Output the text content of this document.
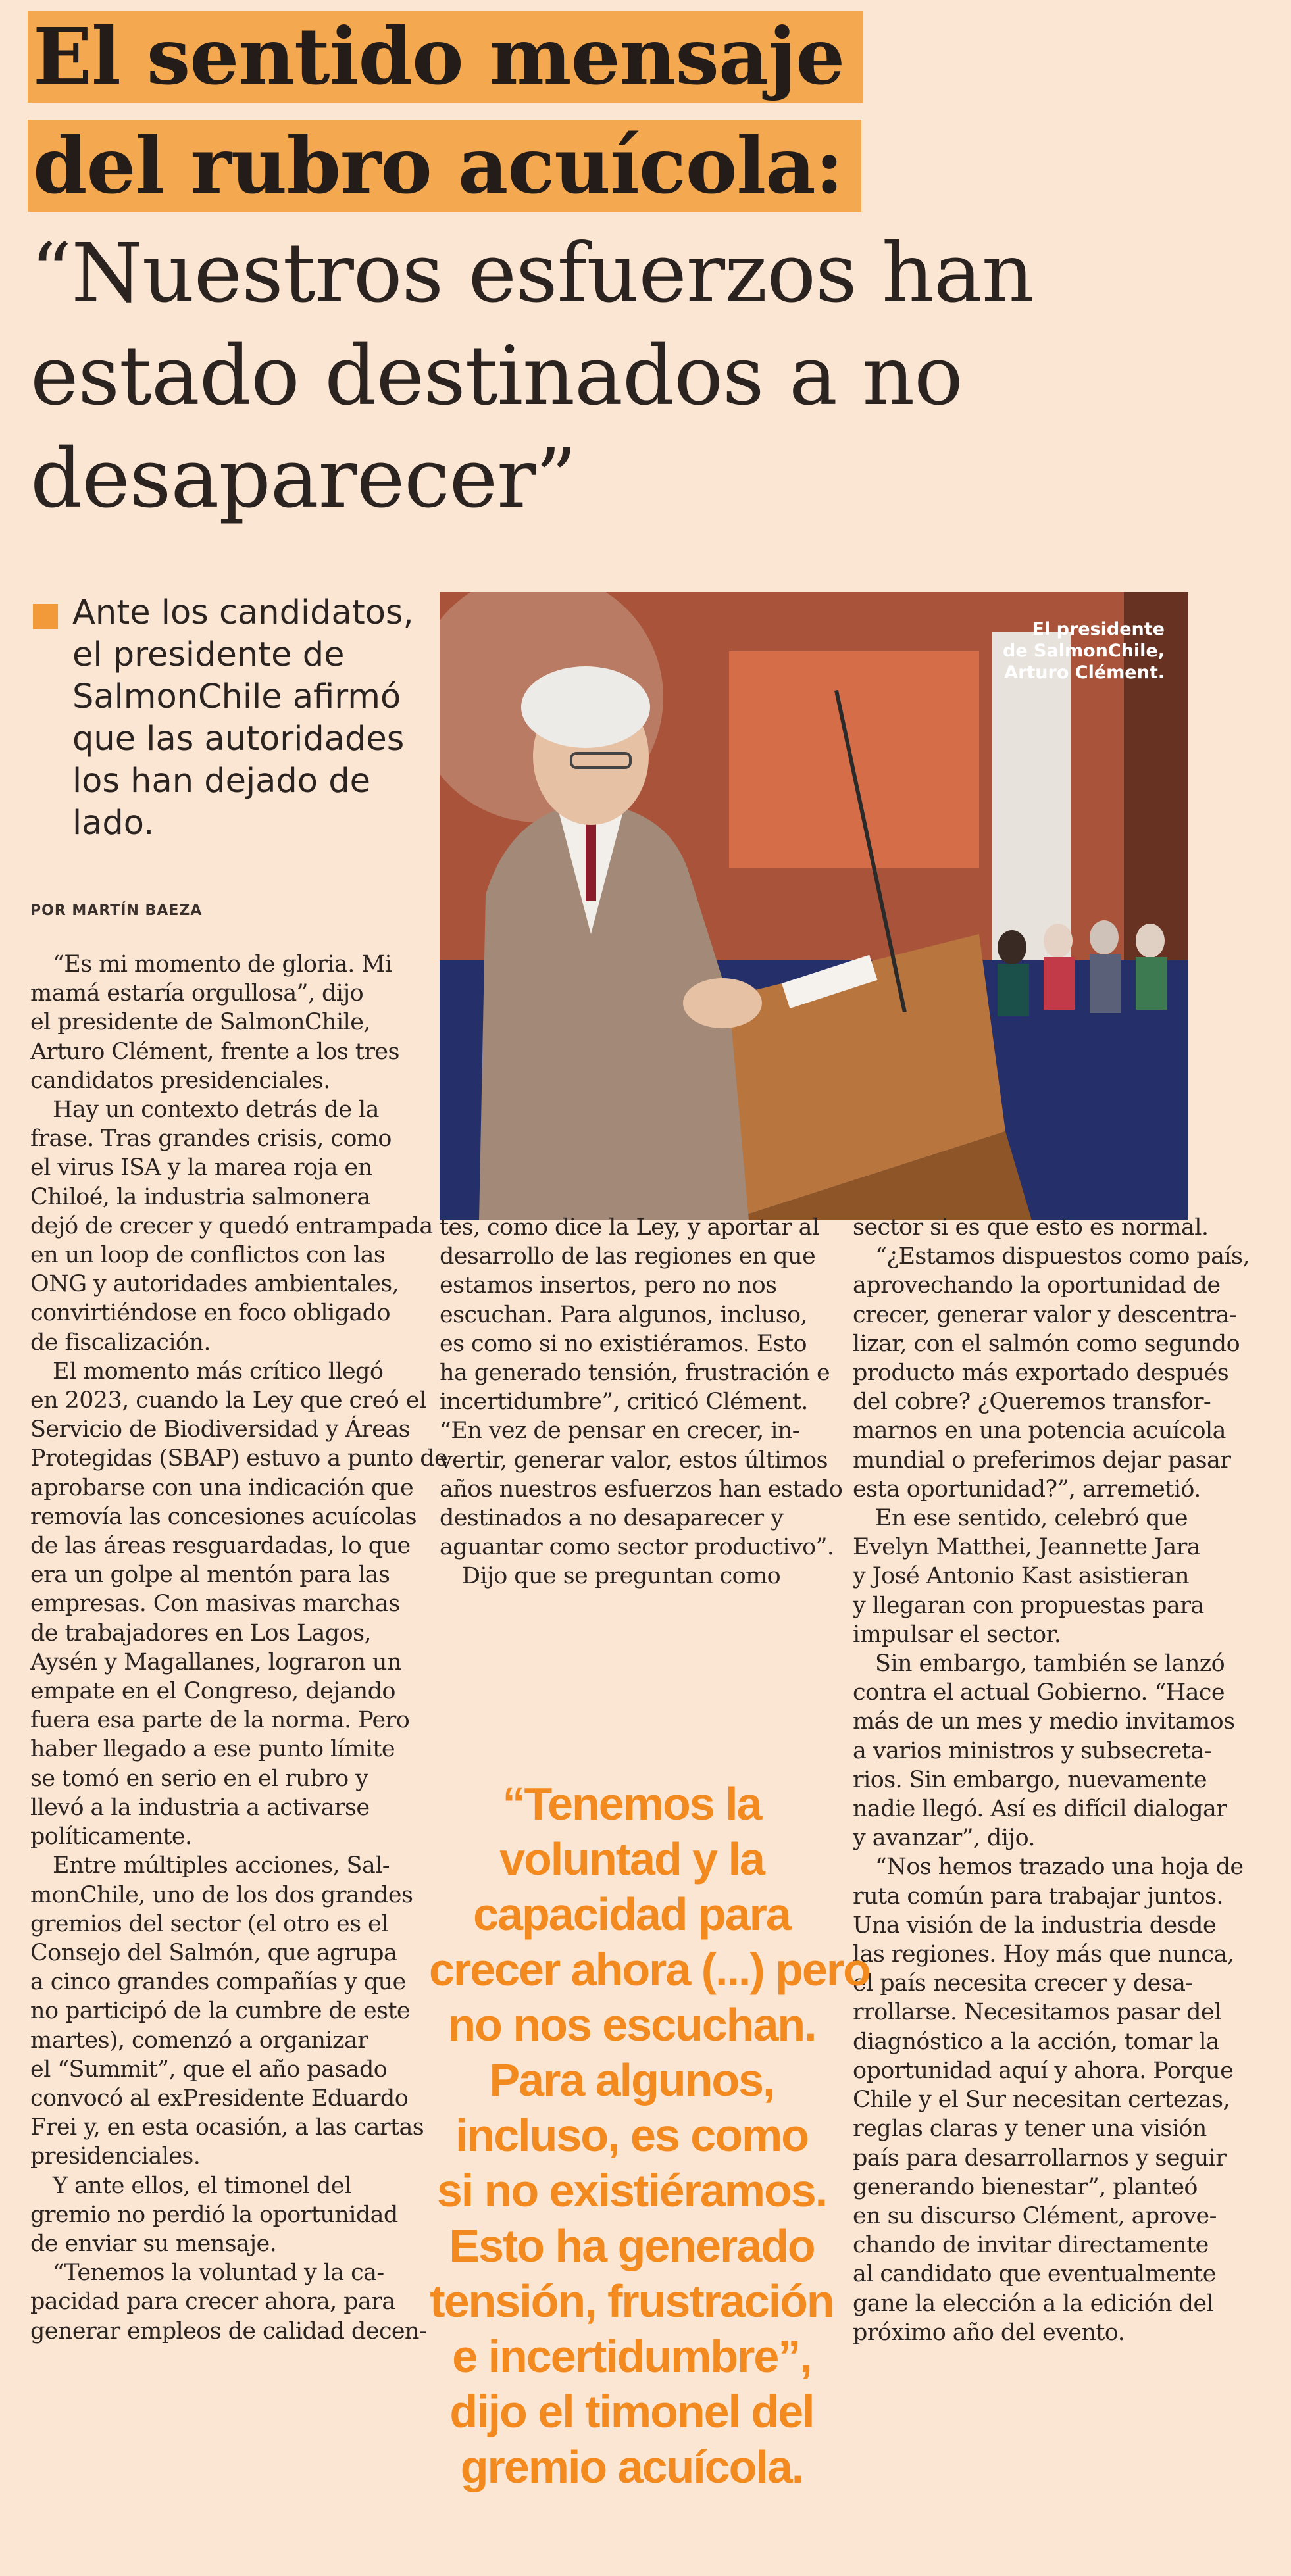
El sentido mensaje
del rubro acuícola:
“Nuestros esfuerzos han
estado destinados a no
desaparecer”
Ante los candidatos,
el presidente de
SalmonChile afirmó
que las autoridades
los han dejado de
lado.
POR MARTÍN BAEZA
El presidente
de SalmonChile,
Arturo Clément.
“Es mi momento de gloria. Mi
mamá estaría orgullosa”, dijo
el presidente de SalmonChile,
Arturo Clément, frente a los tres
candidatos presidenciales.
Hay un contexto detrás de la
frase. Tras grandes crisis, como
el virus ISA y la marea roja en
Chiloé, la industria salmonera
dejó de crecer y quedó entrampada
en un loop de conflictos con las
ONG y autoridades ambientales,
convirtiéndose en foco obligado
de fiscalización.
El momento más crítico llegó
en 2023, cuando la Ley que creó el
Servicio de Biodiversidad y Áreas
Protegidas (SBAP) estuvo a punto de
aprobarse con una indicación que
removía las concesiones acuícolas
de las áreas resguardadas, lo que
era un golpe al mentón para las
empresas. Con masivas marchas
de trabajadores en Los Lagos,
Aysén y Magallanes, lograron un
empate en el Congreso, dejando
fuera esa parte de la norma. Pero
haber llegado a ese punto límite
se tomó en serio en el rubro y
llevó a la industria a activarse
políticamente.
Entre múltiples acciones, Sal-
monChile, uno de los dos grandes
gremios del sector (el otro es el
Consejo del Salmón, que agrupa
a cinco grandes compañías y que
no participó de la cumbre de este
martes), comenzó a organizar
el “Summit”, que el año pasado
convocó al exPresidente Eduardo
Frei y, en esta ocasión, a las cartas
presidenciales.
Y ante ellos, el timonel del
gremio no perdió la oportunidad
de enviar su mensaje.
“Tenemos la voluntad y la ca-
pacidad para crecer ahora, para
generar empleos de calidad decen-
tes, como dice la Ley, y aportar al
desarrollo de las regiones en que
estamos insertos, pero no nos
escuchan. Para algunos, incluso,
es como si no existiéramos. Esto
ha generado tensión, frustración e
incertidumbre”, criticó Clément.
“En vez de pensar en crecer, in-
vertir, generar valor, estos últimos
años nuestros esfuerzos han estado
destinados a no desaparecer y
aguantar como sector productivo”.
Dijo que se preguntan como
sector si es que esto es normal.
“¿Estamos dispuestos como país,
aprovechando la oportunidad de
crecer, generar valor y descentra-
lizar, con el salmón como segundo
producto más exportado después
del cobre? ¿Queremos transfor-
marnos en una potencia acuícola
mundial o preferimos dejar pasar
esta oportunidad?”, arremetió.
En ese sentido, celebró que
Evelyn Matthei, Jeannette Jara
y José Antonio Kast asistieran
y llegaran con propuestas para
impulsar el sector.
Sin embargo, también se lanzó
contra el actual Gobierno. “Hace
más de un mes y medio invitamos
a varios ministros y subsecreta-
rios. Sin embargo, nuevamente
nadie llegó. Así es difícil dialogar
y avanzar”, dijo.
“Nos hemos trazado una hoja de
ruta común para trabajar juntos.
Una visión de la industria desde
las regiones. Hoy más que nunca,
el país necesita crecer y desa-
rrollarse. Necesitamos pasar del
diagnóstico a la acción, tomar la
oportunidad aquí y ahora. Porque
Chile y el Sur necesitan certezas,
reglas claras y tener una visión
país para desarrollarnos y seguir
generando bienestar”, planteó
en su discurso Clément, aprove-
chando de invitar directamente
al candidato que eventualmente
gane la elección a la edición del
próximo año del evento.
“Tenemos la
voluntad y la
capacidad para
crecer ahora (...) pero
no nos escuchan.
Para algunos,
incluso, es como
si no existiéramos.
Esto ha generado
tensión, frustración
e incertidumbre”,
dijo el timonel del
gremio acuícola.
